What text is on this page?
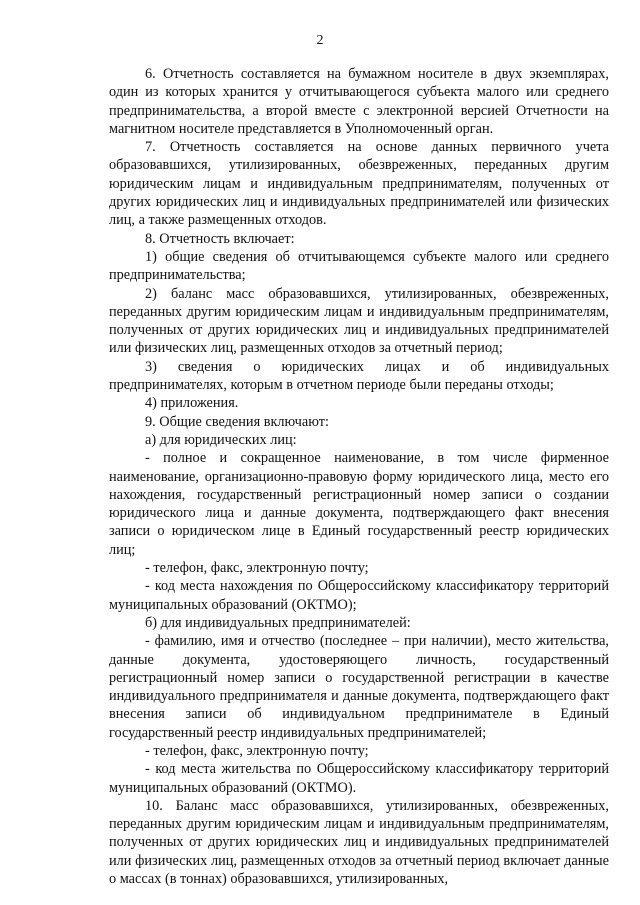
2

6. Отчетность составляется на бумажном носителе в двух экземплярах, один из которых хранится у отчитывающегося субъекта малого или среднего предпринимательства, а второй вместе с электронной версией Отчетности на магнитном носителе представляется в Уполномоченный орган.

7. Отчетность составляется на основе данных первичного учета образовавшихся, утилизированных, обезвреженных, переданных другим юридическим лицам и индивидуальным предпринимателям, полученных от других юридических лиц и индивидуальных предпринимателей или физических лиц, а также размещенных отходов.

8. Отчетность включает:

1) общие сведения об отчитывающемся субъекте малого или среднего предпринимательства;

2) баланс масс образовавшихся, утилизированных, обезвреженных, переданных другим юридическим лицам и индивидуальным предпринимателям, полученных от других юридических лиц и индивидуальных предпринимателей или физических лиц, размещенных отходов за отчетный период;

3) сведения о юридических лицах и об индивидуальных предпринимателях, которым в отчетном периоде были переданы отходы;

4) приложения.

9. Общие сведения включают:

а) для юридических лиц:

- полное и сокращенное наименование, в том числе фирменное наименование, организационно-правовую форму юридического лица, место его нахождения, государственный регистрационный номер записи о создании юридического лица и данные документа, подтверждающего факт внесения записи о юридическом лице в Единый государственный реестр юридических лиц;

- телефон, факс, электронную почту;

- код места нахождения по Общероссийскому классификатору территорий муниципальных образований (ОКТМО);

б) для индивидуальных предпринимателей:

- фамилию, имя и отчество (последнее – при наличии), место жительства, данные документа, удостоверяющего личность, государственный регистрационный номер записи о государственной регистрации в качестве индивидуального предпринимателя и данные документа, подтверждающего факт внесения записи об индивидуальном предпринимателе в Единый государственный реестр индивидуальных предпринимателей;

- телефон, факс, электронную почту;

- код места жительства по Общероссийскому классификатору территорий муниципальных образований (ОКТМО).

10. Баланс масс образовавшихся, утилизированных, обезвреженных, переданных другим юридическим лицам и индивидуальным предпринимателям, полученных от других юридических лиц и индивидуальных предпринимателей или физических лиц, размещенных отходов за отчетный период включает данные о массах (в тоннах) образовавшихся, утилизированных,
